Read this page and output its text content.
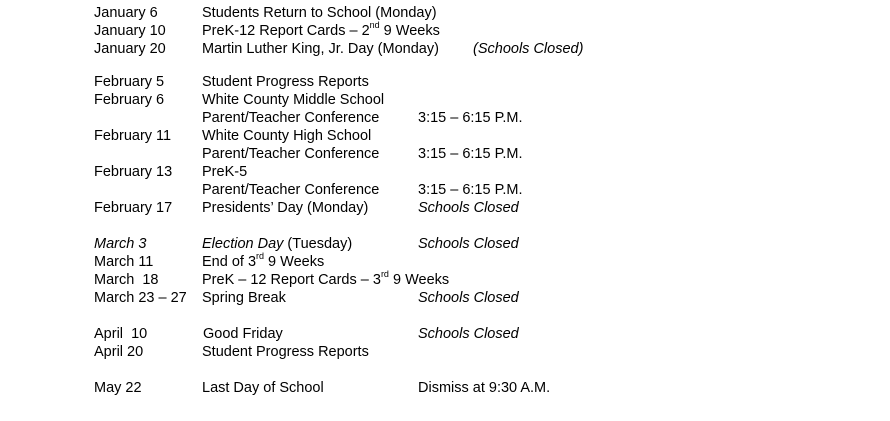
January 6	Students Return to School (Monday)
January 10	PreK-12 Report Cards – 2nd 9 Weeks
January 20	Martin Luther King, Jr. Day (Monday) (Schools Closed)
February 5	Student Progress Reports
February 6	White County Middle School
Parent/Teacher Conference	3:15 – 6:15 P.M.
February 11 White County High School
Parent/Teacher Conference	3:15 – 6:15 P.M.
February 13 PreK-5
Parent/Teacher Conference	3:15 – 6:15 P.M.
February 17 Presidents’ Day (Monday)	Schools Closed
March 3	Election Day (Tuesday)	Schools Closed
March 11	End of 3rd 9 Weeks
March  18	PreK – 12 Report Cards – 3rd 9 Weeks
March 23 – 27 Spring Break	Schools Closed
April  10	Good Friday	Schools Closed
April 20	Student Progress Reports
May 22	Last Day of School	Dismiss at 9:30 A.M.
